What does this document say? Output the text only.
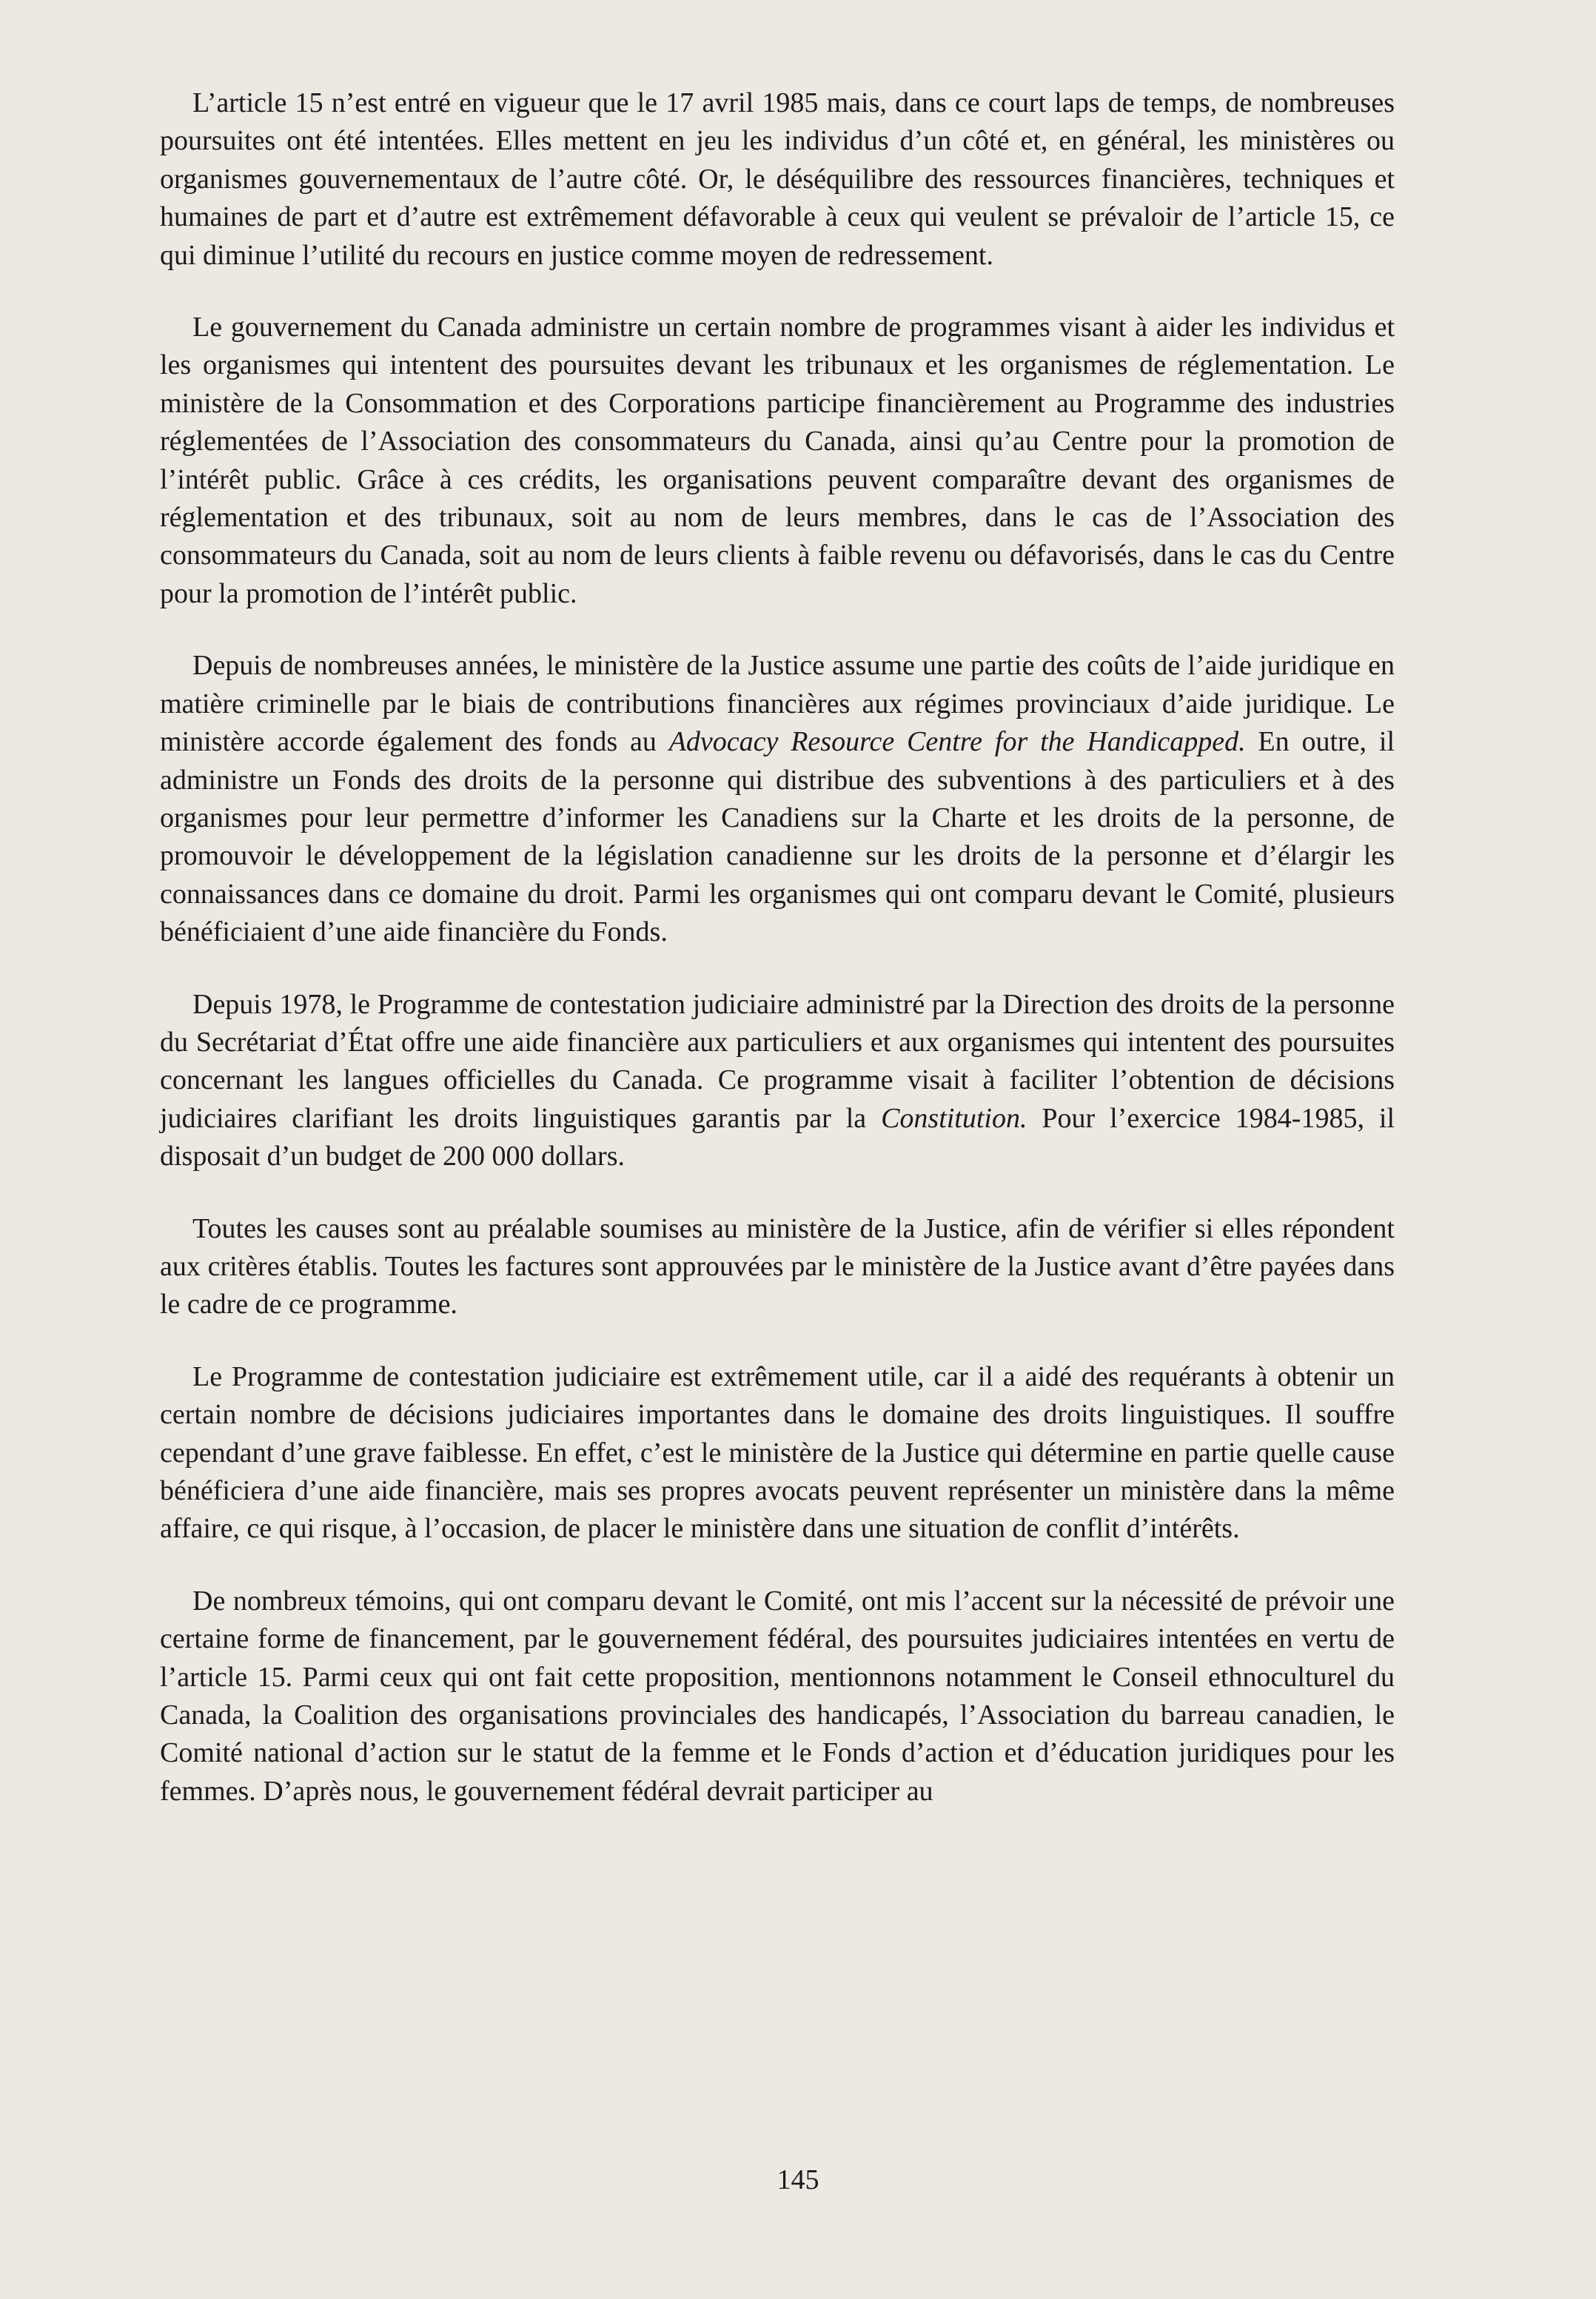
L’article 15 n’est entré en vigueur que le 17 avril 1985 mais, dans ce court laps de temps, de nombreuses poursuites ont été intentées. Elles mettent en jeu les individus d’un côté et, en général, les ministères ou organismes gouvernementaux de l’autre côté. Or, le déséquilibre des ressources financières, techniques et humaines de part et d’autre est extrêmement défavorable à ceux qui veulent se prévaloir de l’article 15, ce qui diminue l’utilité du recours en justice comme moyen de redressement.

Le gouvernement du Canada administre un certain nombre de programmes visant à aider les individus et les organismes qui intentent des poursuites devant les tribunaux et les organismes de réglementation. Le ministère de la Consommation et des Corporations participe financièrement au Programme des industries réglementées de l’Association des consommateurs du Canada, ainsi qu’au Centre pour la promotion de l’intérêt public. Grâce à ces crédits, les organisations peuvent comparaître devant des organismes de réglementation et des tribunaux, soit au nom de leurs membres, dans le cas de l’Association des consommateurs du Canada, soit au nom de leurs clients à faible revenu ou défavorisés, dans le cas du Centre pour la promotion de l’intérêt public.

Depuis de nombreuses années, le ministère de la Justice assume une partie des coûts de l’aide juridique en matière criminelle par le biais de contributions financières aux régimes provinciaux d’aide juridique. Le ministère accorde également des fonds au Advocacy Resource Centre for the Handicapped. En outre, il administre un Fonds des droits de la personne qui distribue des subventions à des particuliers et à des organismes pour leur permettre d’informer les Canadiens sur la Charte et les droits de la personne, de promouvoir le développement de la législation canadienne sur les droits de la personne et d’élargir les connaissances dans ce domaine du droit. Parmi les organismes qui ont comparu devant le Comité, plusieurs bénéficiaient d’une aide financière du Fonds.

Depuis 1978, le Programme de contestation judiciaire administré par la Direction des droits de la personne du Secrétariat d’État offre une aide financière aux particuliers et aux organismes qui intentent des poursuites concernant les langues officielles du Canada. Ce programme visait à faciliter l’obtention de décisions judiciaires clarifiant les droits linguistiques garantis par la Constitution. Pour l’exercice 1984-1985, il disposait d’un budget de 200 000 dollars.

Toutes les causes sont au préalable soumises au ministère de la Justice, afin de vérifier si elles répondent aux critères établis. Toutes les factures sont approuvées par le ministère de la Justice avant d’être payées dans le cadre de ce programme.

Le Programme de contestation judiciaire est extrêmement utile, car il a aidé des requérants à obtenir un certain nombre de décisions judiciaires importantes dans le domaine des droits linguistiques. Il souffre cependant d’une grave faiblesse. En effet, c’est le ministère de la Justice qui détermine en partie quelle cause bénéficiera d’une aide financière, mais ses propres avocats peuvent représenter un ministère dans la même affaire, ce qui risque, à l’occasion, de placer le ministère dans une situation de conflit d’intérêts.

De nombreux témoins, qui ont comparu devant le Comité, ont mis l’accent sur la nécessité de prévoir une certaine forme de financement, par le gouvernement fédéral, des poursuites judiciaires intentées en vertu de l’article 15. Parmi ceux qui ont fait cette proposition, mentionnons notamment le Conseil ethnoculturel du Canada, la Coalition des organisations provinciales des handicapés, l’Association du barreau canadien, le Comité national d’action sur le statut de la femme et le Fonds d’action et d’éducation juridiques pour les femmes. D’après nous, le gouvernement fédéral devrait participer au

145
